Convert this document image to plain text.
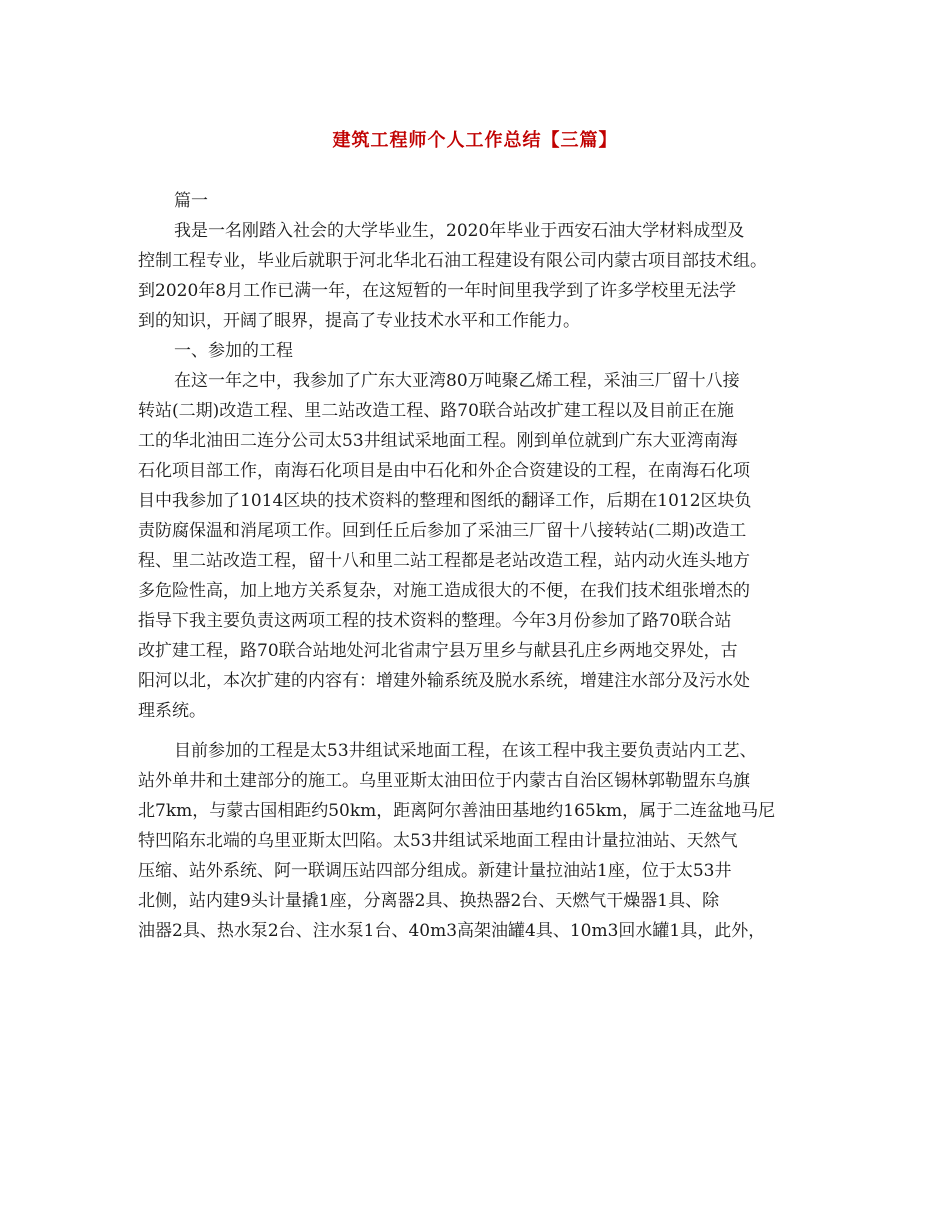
建筑工程师个人工作总结【三篇】
篇一
我是一名刚踏入社会的大学毕业生，2020年毕业于西安石油大学材料成型及
控制工程专业，毕业后就职于河北华北石油工程建设有限公司内蒙古项目部技术组。
到2020年8月工作已满一年，在这短暂的一年时间里我学到了许多学校里无法学
到的知识，开阔了眼界，提高了专业技术水平和工作能力。
一、参加的工程
在这一年之中，我参加了广东大亚湾80万吨聚乙烯工程，采油三厂留十八接
转站(二期)改造工程、里二站改造工程、路70联合站改扩建工程以及目前正在施
工的华北油田二连分公司太53井组试采地面工程。刚到单位就到广东大亚湾南海
石化项目部工作，南海石化项目是由中石化和外企合资建设的工程，在南海石化项
目中我参加了1014区块的技术资料的整理和图纸的翻译工作，后期在1012区块负
责防腐保温和消尾项工作。回到任丘后参加了采油三厂留十八接转站(二期)改造工
程、里二站改造工程，留十八和里二站工程都是老站改造工程，站内动火连头地方
多危险性高，加上地方关系复杂，对施工造成很大的不便，在我们技术组张增杰的
指导下我主要负责这两项工程的技术资料的整理。今年3月份参加了路70联合站
改扩建工程，路70联合站地处河北省肃宁县万里乡与献县孔庄乡两地交界处，古
阳河以北，本次扩建的内容有：增建外输系统及脱水系统，增建注水部分及污水处
理系统。
目前参加的工程是太53井组试采地面工程，在该工程中我主要负责站内工艺、
站外单井和土建部分的施工。乌里亚斯太油田位于内蒙古自治区锡林郭勒盟东乌旗
北7km，与蒙古国相距约50km，距离阿尔善油田基地约165km，属于二连盆地马尼
特凹陷东北端的乌里亚斯太凹陷。太53井组试采地面工程由计量拉油站、天然气
压缩、站外系统、阿一联调压站四部分组成。新建计量拉油站1座，位于太53井
北侧，站内建9头计量撬1座，分离器2具、换热器2台、天燃气干燥器1具、除
油器2具、热水泵2台、注水泵1台、40m3高架油罐4具、10m3回水罐1具，此外，
